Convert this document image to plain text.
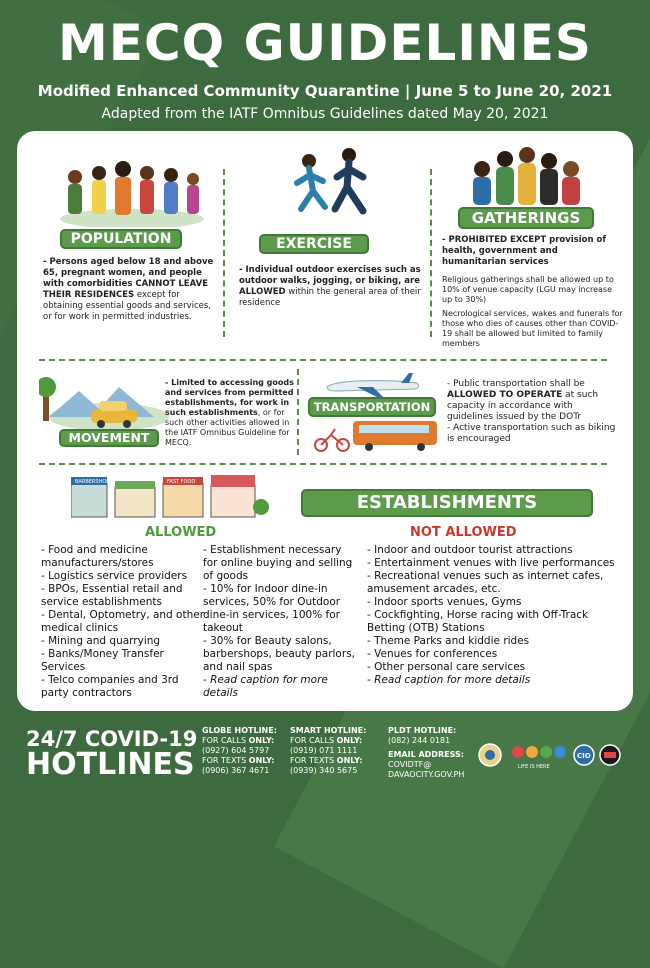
MECQ GUIDELINES
Modified Enhanced Community Quarantine | June 5 to June 20, 2021
Adapted from the IATF Omnibus Guidelines dated May 20, 2021
POPULATION
- Persons aged below 18 and above 65, pregnant women, and people with comorbidities CANNOT LEAVE THEIR RESIDENCES except for obtaining essential goods and services, or for work in permitted industries.
EXERCISE
- Individual outdoor exercises such as outdoor walks, jogging, or biking, are ALLOWED within the general area of their residence
GATHERINGS
- PROHIBITED EXCEPT provision of health, government and humanitarian services
Religious gatherings shall be allowed up to 10% of venue capacity (LGU may increase up to 30%)
Necrological services, wakes and funerals for those who dies of causes other than COVID-19 shall be allowed but limited to family members
MOVEMENT
- Limited to accessing goods and services from permitted establishments, for work in such establishments, or for such other activities allowed in the IATF Omnibus Guideline for MECQ.
TRANSPORTATION
- Public transportation shall be ALLOWED TO OPERATE at such capacity in accordance with guidelines issued by the DOTr
- Active transportation such as biking is encouraged
BARBERSHOP	FAST FOOD
ESTABLISHMENTS
ALLOWED	NOT ALLOWED
- Food and medicine manufacturers/stores
- Logistics service providers
- BPOs, Essential retail and service establishments
- Dental, Optometry, and other medical clinics
- Mining and quarrying
- Banks/Money Transfer Services
- Telco companies and 3rd party contractors
- Establishment necessary for online buying and selling of goods
- 10% for Indoor dine-in services, 50% for Outdoor dine-in services, 100% for takeout
- 30% for Beauty salons, barbershops, beauty parlors, and nail spas
- Read caption for more details
- Indoor and outdoor tourist attractions
- Entertainment venues with live performances
- Recreational venues such as internet cafes, amusement arcades, etc.
- Indoor sports venues, Gyms
- Cockfighting, Horse racing with Off-Track Betting (OTB) Stations
- Theme Parks and kiddie rides
- Venues for conferences
- Other personal care services
- Read caption for more details
24/7 COVID-19
HOTLINES
GLOBE HOTLINE:
FOR CALLS ONLY:
(0927) 604 5797
FOR TEXTS ONLY:
(0906) 367 4671
SMART HOTLINE:
FOR CALLS ONLY:
(0919) 071 1111
FOR TEXTS ONLY:
(0939) 340 5675
PLDT HOTLINE:
(082) 244 0181
EMAIL ADDRESS:
COVIDTF@
DAVAOCITY.GOV.PH
LIFE IS HERE
CIO
